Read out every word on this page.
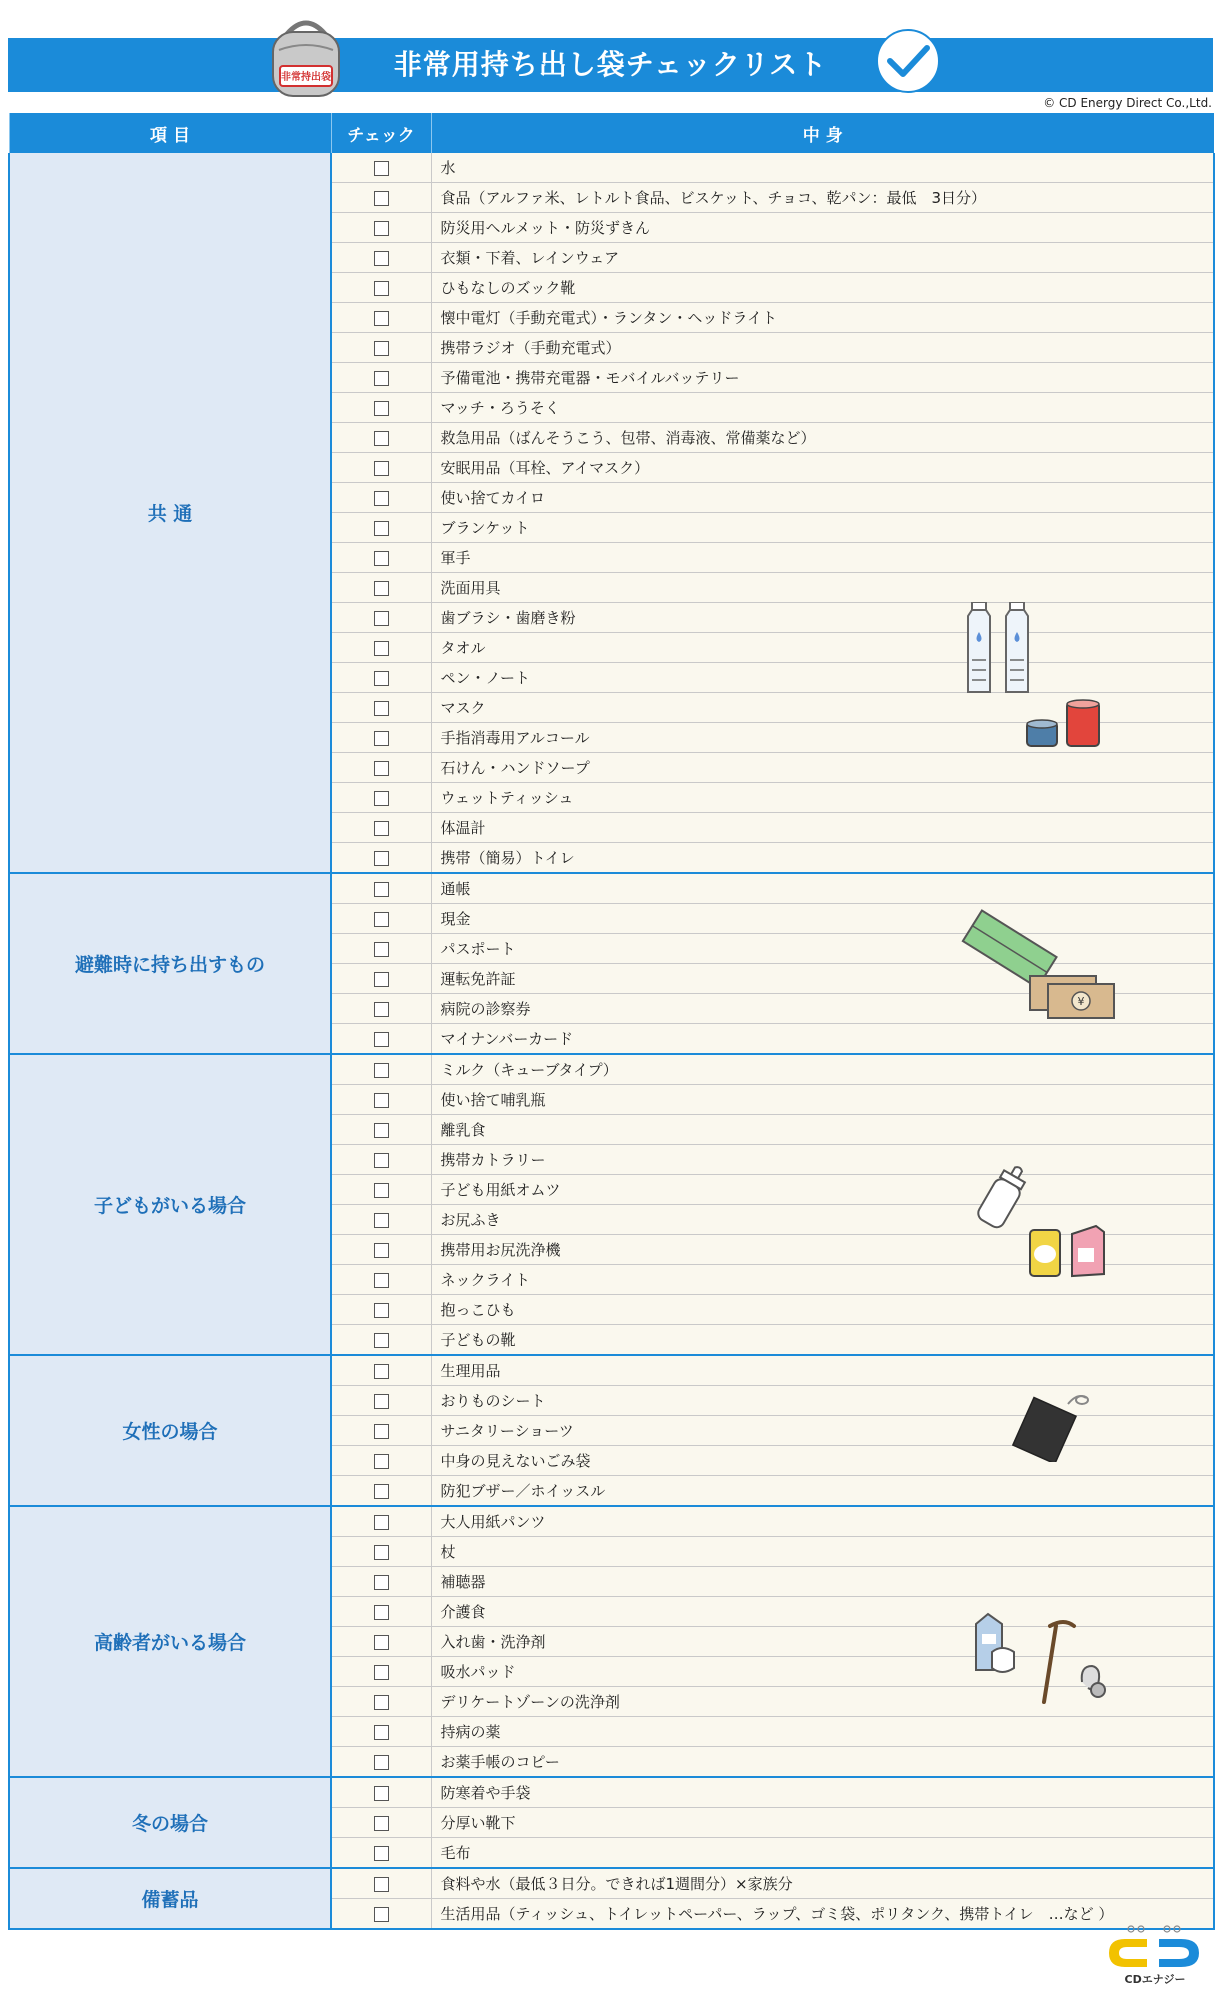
非常用持ち出し袋チェックリスト
非常持出袋
© CD Energy Direct Co.,Ltd.
項 目	チェック	中 身
共 通		水
		食品（アルファ米、レトルト食品、ビスケット、チョコ、乾パン：最低　3日分）
		防災用ヘルメット・防災ずきん
		衣類・下着、レインウェア
		ひもなしのズック靴
		懐中電灯（手動充電式）・ランタン・ヘッドライト
		携帯ラジオ（手動充電式）
		予備電池・携帯充電器・モバイルバッテリー
		マッチ・ろうそく
		救急用品（ばんそうこう、包帯、消毒液、常備薬など）
		安眠用品（耳栓、アイマスク）
		使い捨てカイロ
		ブランケット
		軍手
		洗面用具
		歯ブラシ・歯磨き粉
		タオル
		ペン・ノート
		マスク
		手指消毒用アルコール
		石けん・ハンドソープ
		ウェットティッシュ
		体温計
		携帯（簡易）トイレ
避難時に持ち出すもの		通帳
		現金
		パスポート
		運転免許証
		病院の診察券
		マイナンバーカード
子どもがいる場合		ミルク（キューブタイプ）
		使い捨て哺乳瓶
		離乳食
		携帯カトラリー
		子ども用紙オムツ
		お尻ふき
		携帯用お尻洗浄機
		ネックライト
		抱っこひも
		子どもの靴
女性の場合		生理用品
		おりものシート
		サニタリーショーツ
		中身の見えないごみ袋
		防犯ブザー／ホイッスル
高齢者がいる場合		大人用紙パンツ
		杖
		補聴器
		介護食
		入れ歯・洗浄剤
		吸水パッド
		デリケートゾーンの洗浄剤
		持病の薬
		お薬手帳のコピー
冬の場合		防寒着や手袋
		分厚い靴下
		毛布
備蓄品		食料や水（最低３日分。できれば1週間分）×家族分
		生活用品（ティッシュ、トイレットペーパー、ラップ、ゴミ袋、ポリタンク、携帯トイレ　…など ）
¥
CDエナジー
